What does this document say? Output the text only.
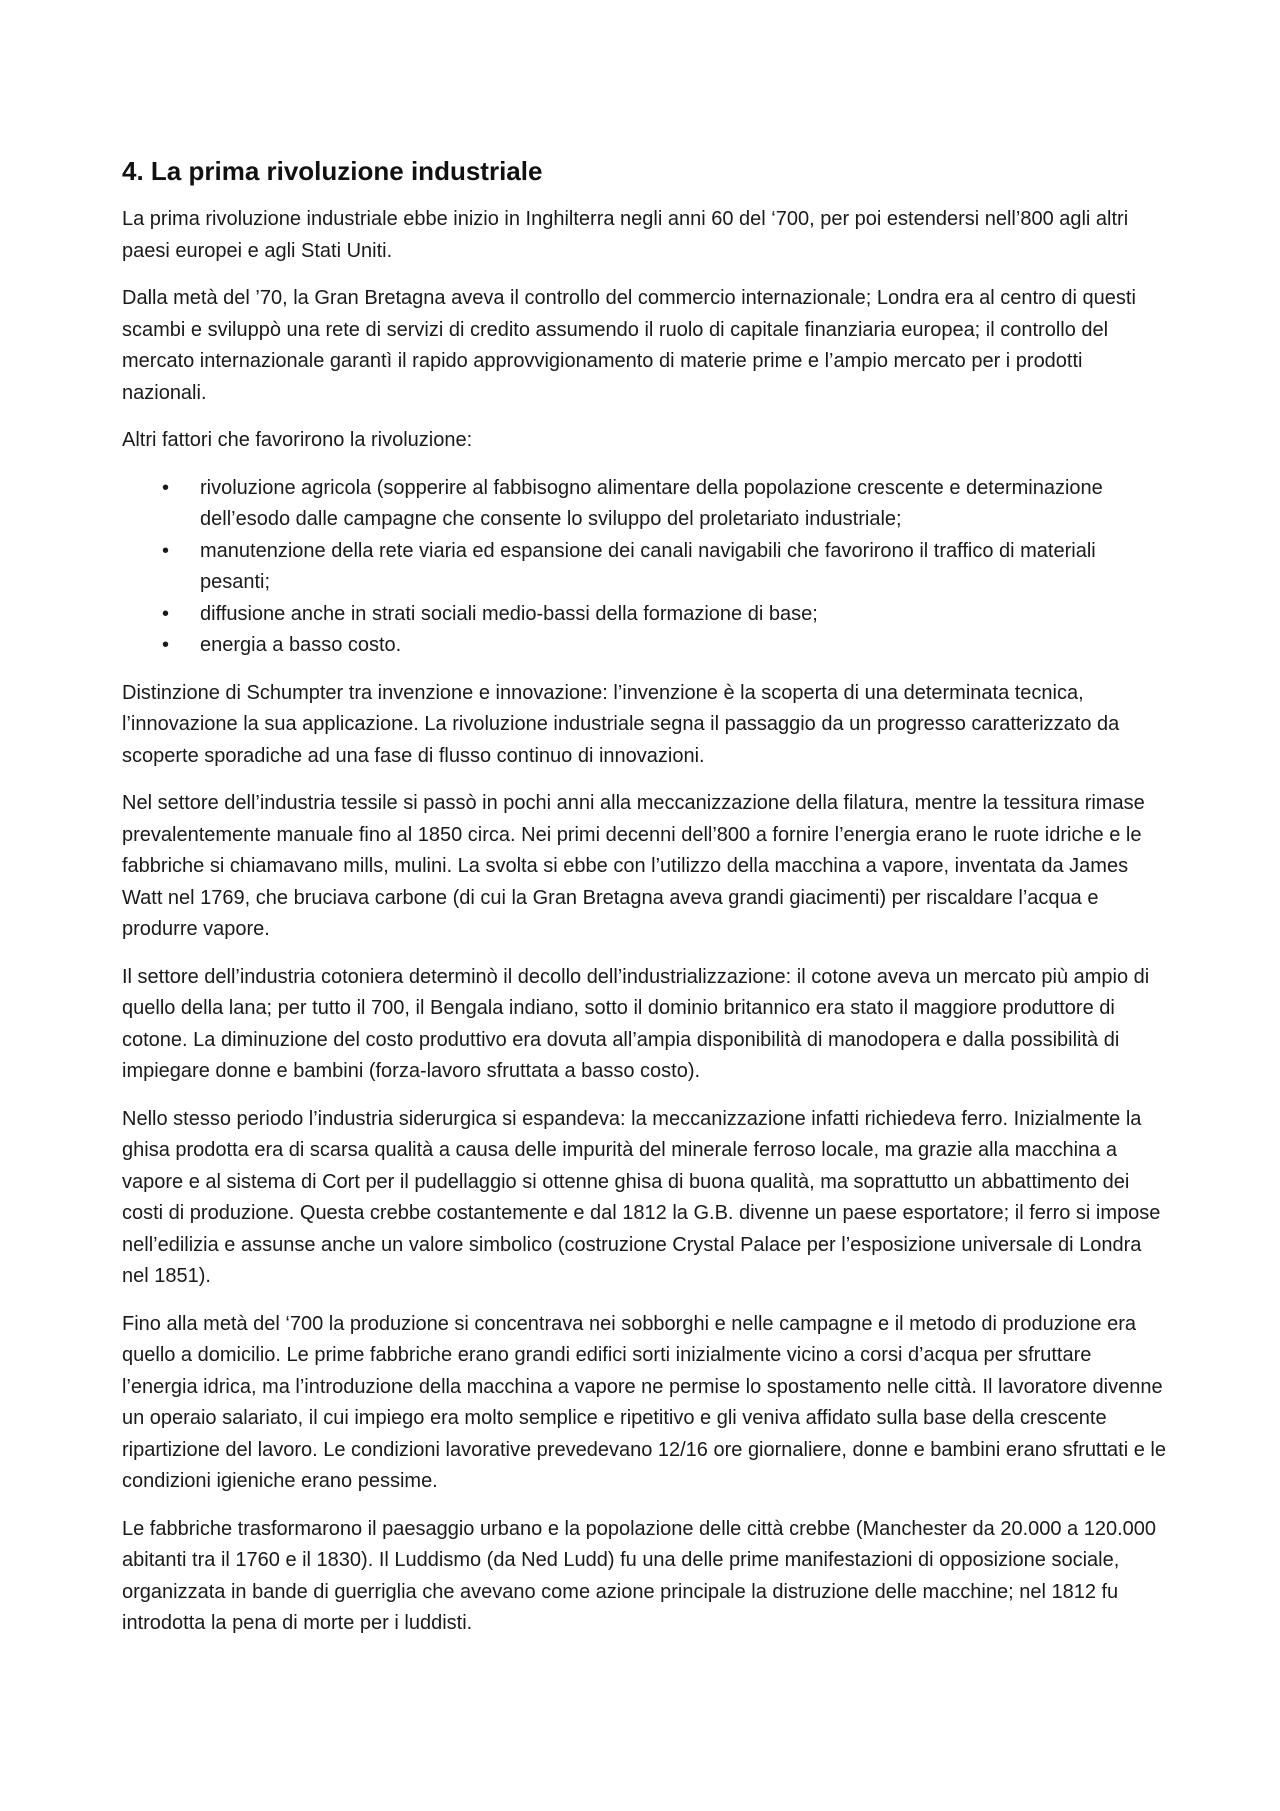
4. La prima rivoluzione industriale

La prima rivoluzione industriale ebbe inizio in Inghilterra negli anni 60 del ‘700, per poi estendersi nell’800 agli altri paesi europei e agli Stati Uniti.

Dalla metà del ’70, la Gran Bretagna aveva il controllo del commercio internazionale; Londra era al centro di questi scambi e sviluppò una rete di servizi di credito assumendo il ruolo di capitale finanziaria europea; il controllo del mercato internazionale garantì il rapido approvvigionamento di materie prime e l’ampio mercato per i prodotti nazionali.

Altri fattori che favorirono la rivoluzione:

• rivoluzione agricola (sopperire al fabbisogno alimentare della popolazione crescente e determinazione dell’esodo dalle campagne che consente lo sviluppo del proletariato industriale;
• manutenzione della rete viaria ed espansione dei canali navigabili che favorirono il traffico di materiali pesanti;
• diffusione anche in strati sociali medio-bassi della formazione di base;
• energia a basso costo.

Distinzione di Schumpter tra invenzione e innovazione: l’invenzione è la scoperta di una determinata tecnica, l’innovazione la sua applicazione. La rivoluzione industriale segna il passaggio da un progresso caratterizzato da scoperte sporadiche ad una fase di flusso continuo di innovazioni.

Nel settore dell’industria tessile si passò in pochi anni alla meccanizzazione della filatura, mentre la tessitura rimase prevalentemente manuale fino al 1850 circa. Nei primi decenni dell’800 a fornire l’energia erano le ruote idriche e le fabbriche si chiamavano mills, mulini. La svolta si ebbe con l’utilizzo della macchina a vapore, inventata da James Watt nel 1769, che bruciava carbone (di cui la Gran Bretagna aveva grandi giacimenti) per riscaldare l’acqua e produrre vapore.

Il settore dell’industria cotoniera determinò il decollo dell’industrializzazione: il cotone aveva un mercato più ampio di quello della lana; per tutto il 700, il Bengala indiano, sotto il dominio britannico era stato il maggiore produttore di cotone. La diminuzione del costo produttivo era dovuta all’ampia disponibilità di manodopera e dalla possibilità di impiegare donne e bambini (forza-lavoro sfruttata a basso costo).

Nello stesso periodo l’industria siderurgica si espandeva: la meccanizzazione infatti richiedeva ferro. Inizialmente la ghisa prodotta era di scarsa qualità a causa delle impurità del minerale ferroso locale, ma grazie alla macchina a vapore e al sistema di Cort per il pudellaggio si ottenne ghisa di buona qualità, ma soprattutto un abbattimento dei costi di produzione. Questa crebbe costantemente e dal 1812 la G.B. divenne un paese esportatore; il ferro si impose nell’edilizia e assunse anche un valore simbolico (costruzione Crystal Palace per l’esposizione universale di Londra nel 1851).

Fino alla metà del ‘700 la produzione si concentrava nei sobborghi e nelle campagne e il metodo di produzione era quello a domicilio. Le prime fabbriche erano grandi edifici sorti inizialmente vicino a corsi d’acqua per sfruttare l’energia idrica, ma l’introduzione della macchina a vapore ne permise lo spostamento nelle città. Il lavoratore divenne un operaio salariato, il cui impiego era molto semplice e ripetitivo e gli veniva affidato sulla base della crescente ripartizione del lavoro. Le condizioni lavorative prevedevano 12/16 ore giornaliere, donne e bambini erano sfruttati e le condizioni igieniche erano pessime.

Le fabbriche trasformarono il paesaggio urbano e la popolazione delle città crebbe (Manchester da 20.000 a 120.000 abitanti tra il 1760 e il 1830). Il Luddismo (da Ned Ludd) fu una delle prime manifestazioni di opposizione sociale, organizzata in bande di guerriglia che avevano come azione principale la distruzione delle macchine; nel 1812 fu introdotta la pena di morte per i luddisti.
